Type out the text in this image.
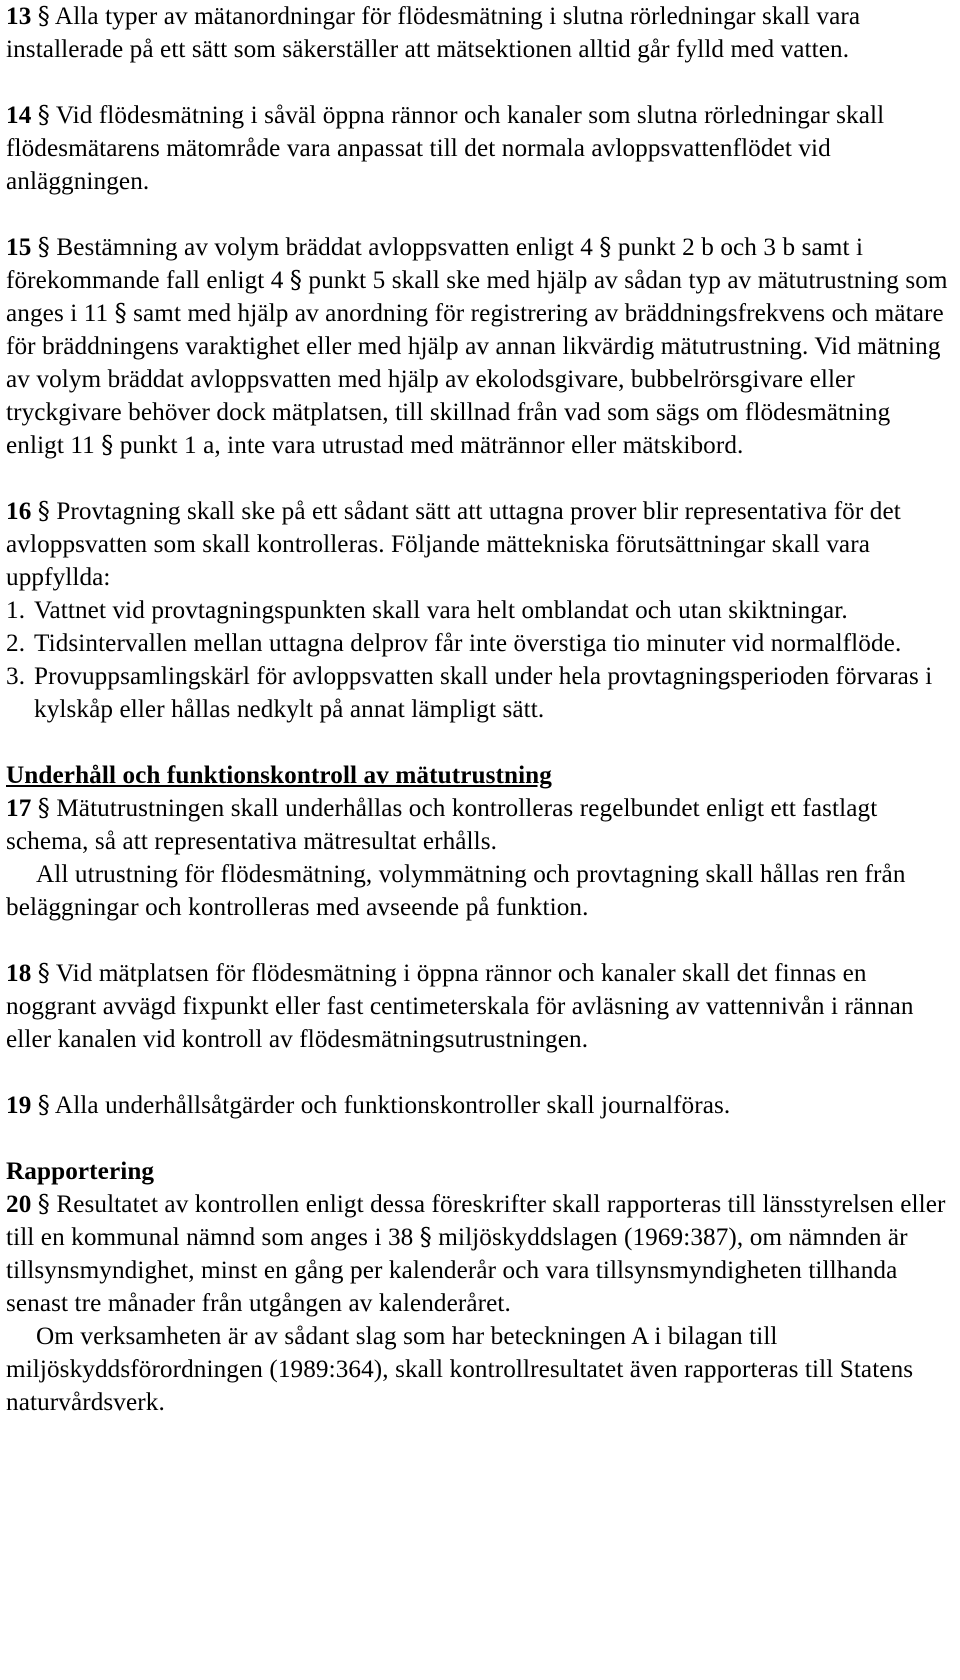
13 § Alla typer av mätanordningar för flödesmätning i slutna rörledningar skall vara installerade på ett sätt som säkerställer att mätsektionen alltid går fylld med vatten.

14 § Vid flödesmätning i såväl öppna rännor och kanaler som slutna rörledningar skall flödesmätarens mätområde vara anpassat till det normala avloppsvattenflödet vid anläggningen.

15 § Bestämning av volym bräddat avloppsvatten enligt 4 § punkt 2 b och 3 b samt i förekommande fall enligt 4 § punkt 5 skall ske med hjälp av sådan typ av mätutrustning som anges i 11 § samt med hjälp av anordning för registrering av bräddningsfrekvens och mätare för bräddningens varaktighet eller med hjälp av annan likvärdig mätutrustning. Vid mätning av volym bräddat avloppsvatten med hjälp av ekolodsgivare, bubbelrörsgivare eller tryckgivare behöver dock mätplatsen, till skillnad från vad som sägs om flödesmätning enligt 11 § punkt 1 a, inte vara utrustad med mätrännor eller mätskibord.

16 § Provtagning skall ske på ett sådant sätt att uttagna prover blir representativa för det avloppsvatten som skall kontrolleras. Följande mättekniska förutsättningar skall vara uppfyllda:

1. Vattnet vid provtagningspunkten skall vara helt omblandat och utan skiktningar.

2. Tidsintervallen mellan uttagna delprov får inte överstiga tio minuter vid normalflöde.

3. Provuppsamlingskärl för avloppsvatten skall under hela provtagningsperioden förvaras i kylskåp eller hållas nedkylt på annat lämpligt sätt.

Underhåll och funktionskontroll av mätutrustning

17 § Mätutrustningen skall underhållas och kontrolleras regelbundet enligt ett fastlagt schema, så att representativa mätresultat erhålls.

All utrustning för flödesmätning, volymmätning och provtagning skall hållas ren från beläggningar och kontrolleras med avseende på funktion.

18 § Vid mätplatsen för flödesmätning i öppna rännor och kanaler skall det finnas en noggrant avvägd fixpunkt eller fast centimeterskala för avläsning av vattennivån i rännan eller kanalen vid kontroll av flödesmätningsutrustningen.

19 § Alla underhållsåtgärder och funktionskontroller skall journalföras.

Rapportering

20 § Resultatet av kontrollen enligt dessa föreskrifter skall rapporteras till länsstyrelsen eller till en kommunal nämnd som anges i 38 § miljöskyddslagen (1969:387), om nämnden är tillsynsmyndighet, minst en gång per kalenderår och vara tillsynsmyndigheten tillhanda senast tre månader från utgången av kalenderåret.

Om verksamheten är av sådant slag som har beteckningen A i bilagan till miljöskyddsförordningen (1989:364), skall kontrollresultatet även rapporteras till Statens naturvårdsverk.
